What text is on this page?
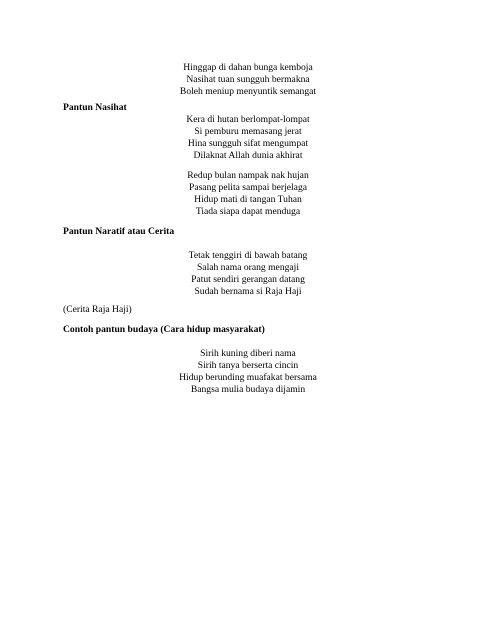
Hinggap di dahan bunga kemboja
Nasihat tuan sungguh bermakna
Boleh meniup menyuntik semangat
Pantun Nasihat
Kera di hutan berlompat-lompat
Si pemburu memasang jerat
Hina sungguh sifat mengumpat
Dilaknat Allah dunia akhirat
Redup bulan nampak nak hujan
Pasang pelita sampai berjelaga
Hidup mati di tangan Tuhan
Tiada siapa dapat menduga
Pantun Naratif atau Cerita
Tetak tenggiri di bawah batang
Salah nama orang mengaji
Patut sendiri gerangan datang
Sudah bernama si Raja Haji
(Cerita Raja Haji)
Contoh pantun budaya (Cara hidup masyarakat)
Sirih kuning diberi nama
Sirih tanya berserta cincin
Hidup berunding muafakat bersama
Bangsa mulia budaya dijamin
